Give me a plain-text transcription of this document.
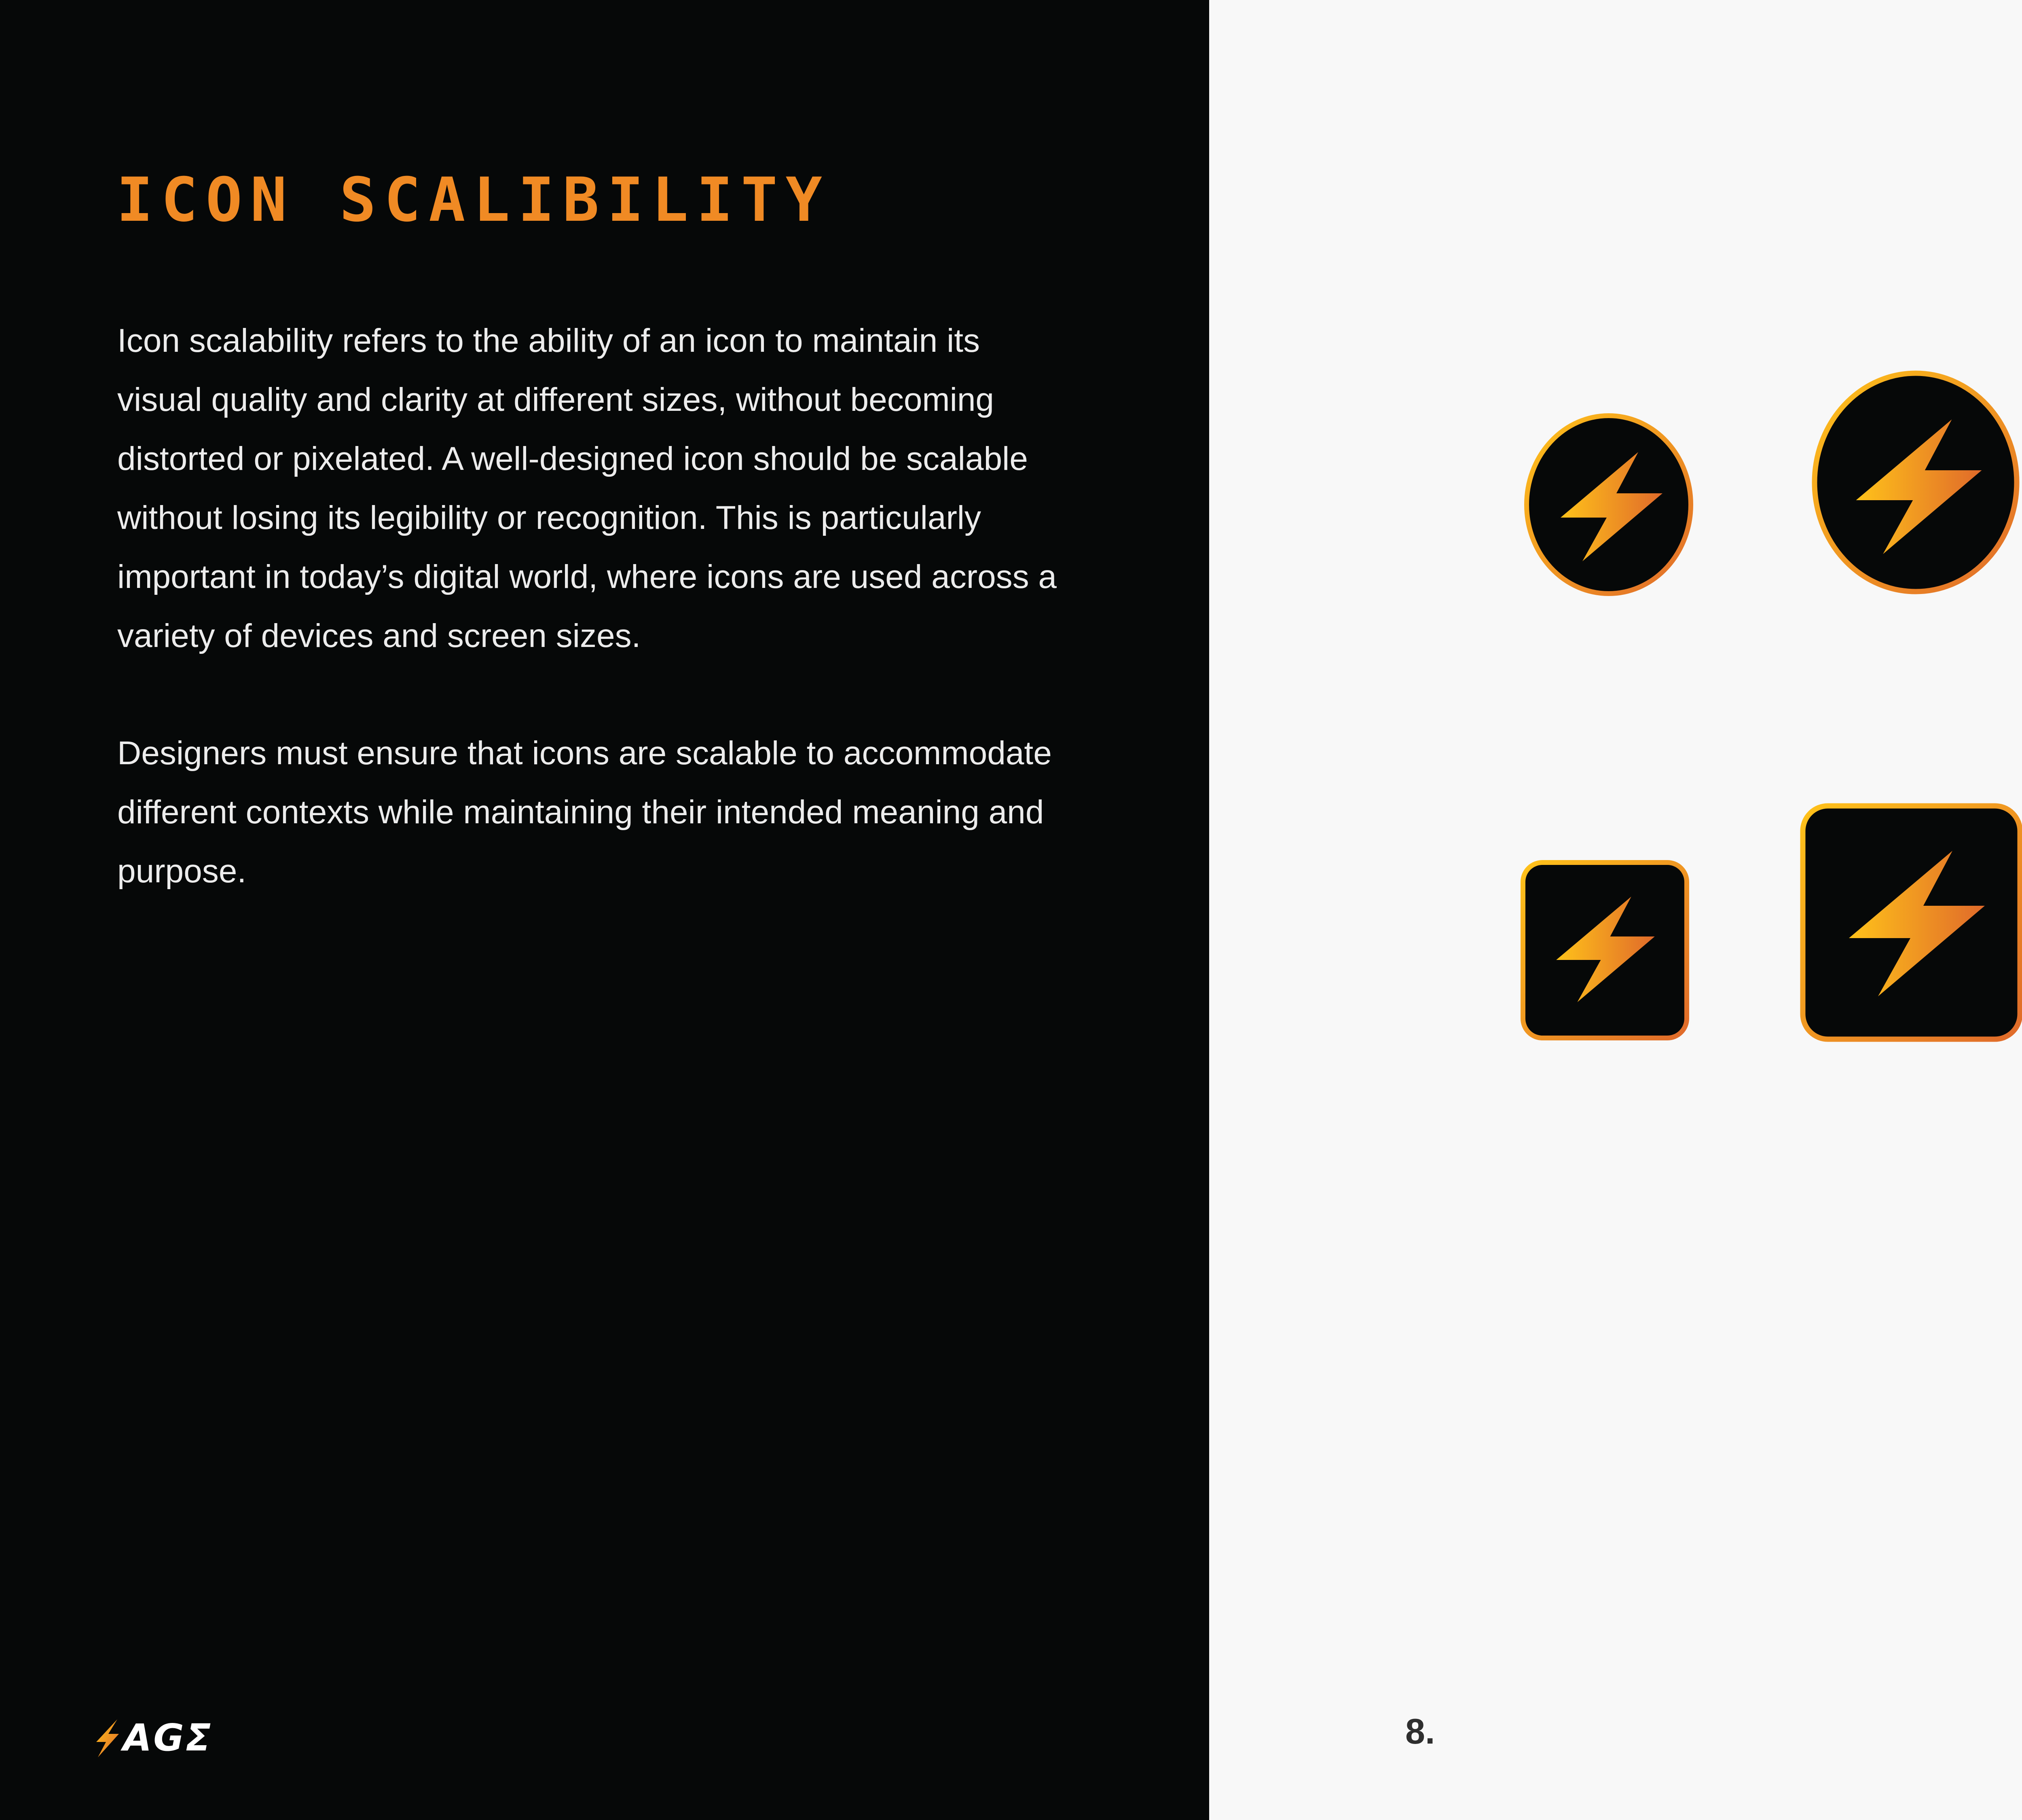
ICON SCALIBILITY

Icon scalability refers to the ability of an icon to maintain its visual quality and clarity at different sizes, without becoming distorted or pixelated. A well-designed icon should be scalable without losing its legibility or recognition. This is particularly important in today’s digital world, where icons are used across a variety of devices and screen sizes.

Designers must ensure that icons are scalable to accommodate different contexts while maintaining their intended meaning and purpose.

AGΣ	8.
